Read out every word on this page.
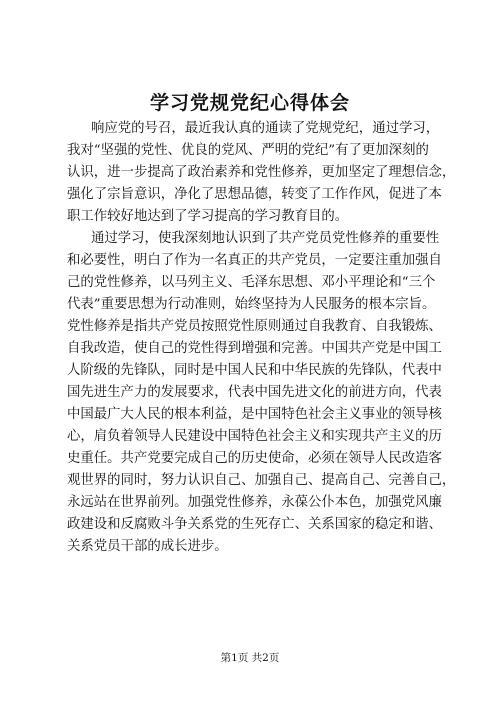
学习党规党纪心得体会
响应党的号召，最近我认真的通读了党规党纪，通过学习，
我对“坚强的党性、优良的党风、严明的党纪”有了更加深刻的
认识，进一步提高了政治素养和党性修养，更加坚定了理想信念，
强化了宗旨意识，净化了思想品德，转变了工作作风，促进了本
职工作较好地达到了学习提高的学习教育目的。
通过学习，使我深刻地认识到了共产党员党性修养的重要性
和必要性，明白了作为一名真正的共产党员，一定要注重加强自
己的党性修养，以马列主义、毛泽东思想、邓小平理论和“三个
代表”重要思想为行动准则，始终坚持为人民服务的根本宗旨。
党性修养是指共产党员按照党性原则通过自我教育、自我锻炼、
自我改造，使自己的党性得到增强和完善。中国共产党是中国工
人阶级的先锋队，同时是中国人民和中华民族的先锋队，代表中
国先进生产力的发展要求，代表中国先进文化的前进方向，代表
中国最广大人民的根本利益，是中国特色社会主义事业的领导核
心，肩负着领导人民建设中国特色社会主义和实现共产主义的历
史重任。共产党要完成自己的历史使命，必须在领导人民改造客
观世界的同时，努力认识自己、加强自己、提高自己、完善自己，
永远站在世界前列。加强党性修养，永葆公仆本色，加强党风廉
政建设和反腐败斗争关系党的生死存亡、关系国家的稳定和谐、
关系党员干部的成长进步。
第1页 共2页
